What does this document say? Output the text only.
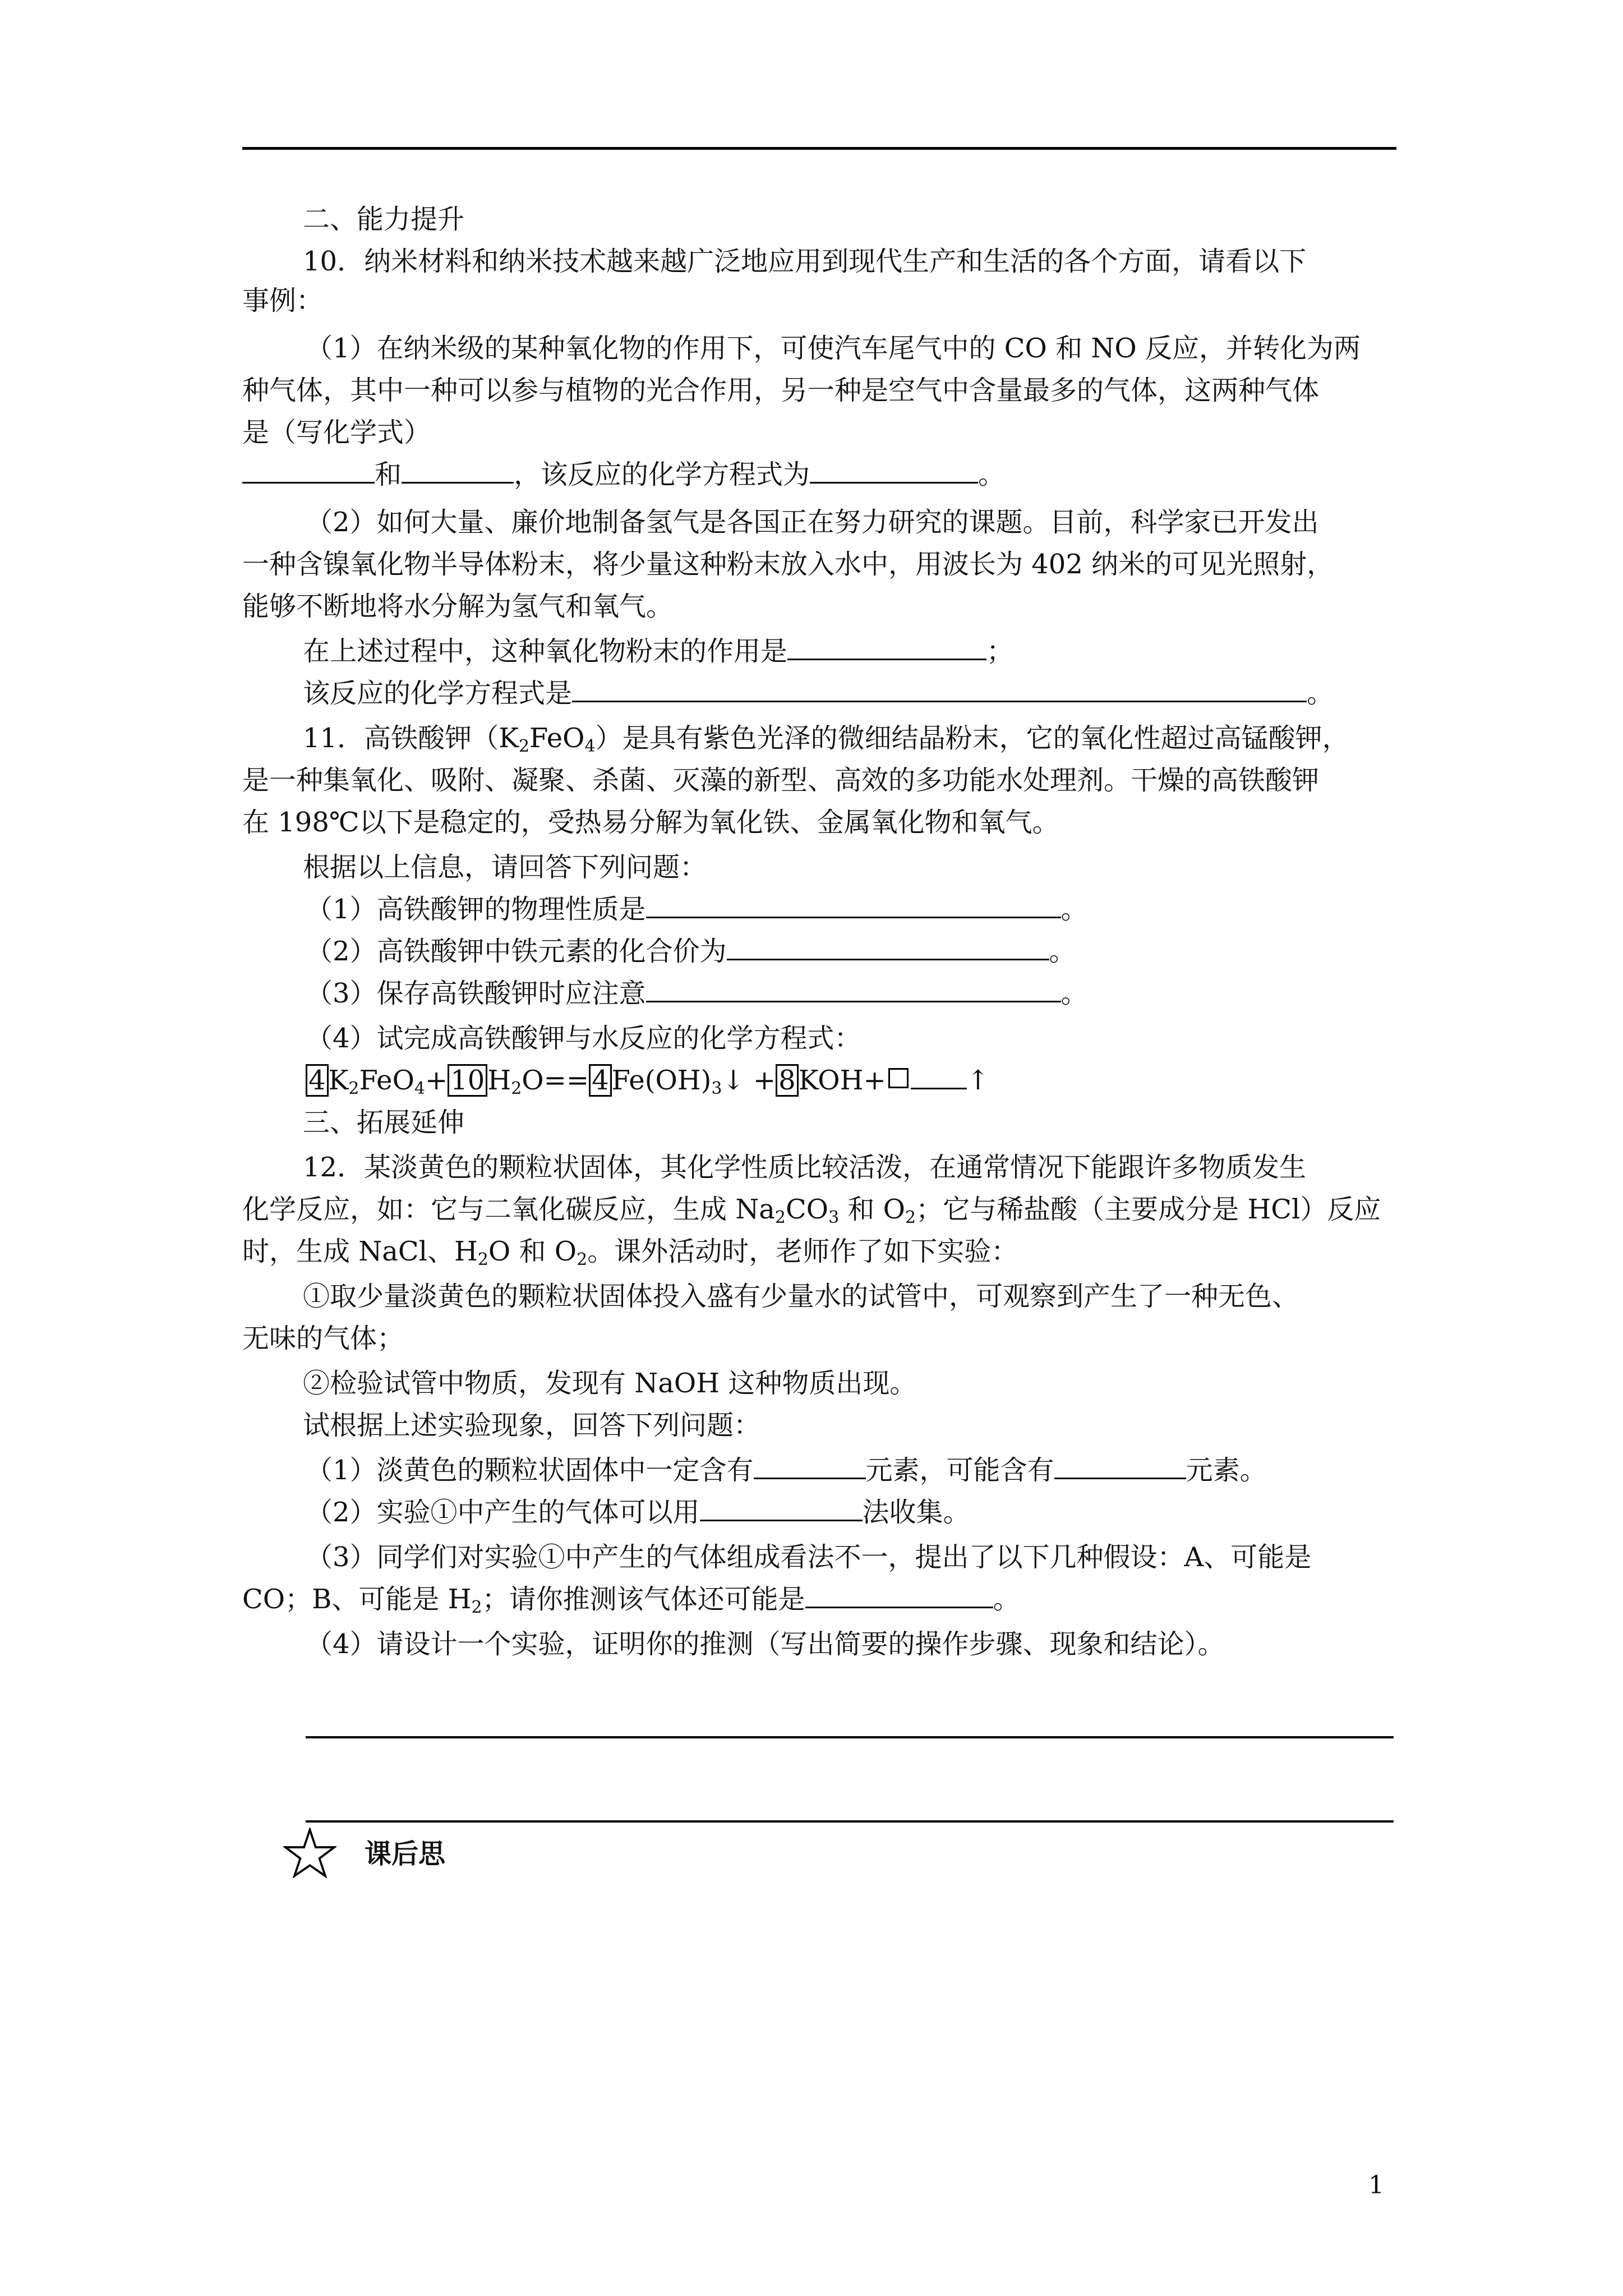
二、能力提升
10．纳米材料和纳米技术越来越广泛地应用到现代生产和生活的各个方面，请看以下
事例：
（1）在纳米级的某种氧化物的作用下，可使汽车尾气中的 CO 和 NO 反应，并转化为两
种气体，其中一种可以参与植物的光合作用，另一种是空气中含量最多的气体，这两种气体
是（写化学式）
和	，该反应的化学方程式为	。
（2）如何大量、廉价地制备氢气是各国正在努力研究的课题。目前，科学家已开发出
一种含镍氧化物半导体粉末，将少量这种粉末放入水中，用波长为 402 纳米的可见光照射，
能够不断地将水分解为氢气和氧气。
在上述过程中，这种氧化物粉末的作用是	；
该反应的化学方程式是	。
11．高铁酸钾$(K_2FeO_4)$是具有紫色光泽的微细结晶粉末，它的氧化性超过高锰酸钾，
是一种集氧化、吸附、凝聚、杀菌、灭藻的新型、高效的多功能水处理剂。干燥的高铁酸钾
在 198℃以下是稳定的，受热易分解为氧化铁、金属氧化物和氧气。
根据以上信息，请回答下列问题：
（1）高铁酸钾的物理性质是	。
（2）高铁酸钾中铁元素的化合价为	。
（3）保存高铁酸钾时应注意	。
（4）试完成高铁酸钾与水反应的化学方程式：
4 $K_2FeO_4+ 10$ $H_2O== 4$ $Fe(OH)_3↓ + 8$ KOH+	↑
三、拓展延伸
12．某淡黄色的颗粒状固体，其化学性质比较活泼，在通常情况下能跟许多物质发生
化学反应，如：它与二氧化碳反应，生成 $Na_2CO_3$ 和 $O_2$；它与稀盐酸（主要成分是 HCl）反应
时，生成 NaCl、$H_2O$ 和 $O_2$。课外活动时，老师作了如下实验：
①取少量淡黄色的颗粒状固体投入盛有少量水的试管中，可观察到产生了一种无色、
无味的气体；
②检验试管中物质，发现有 NaOH 这种物质出现。
试根据上述实验现象，回答下列问题：
（1）淡黄色的颗粒状固体中一定含有	元素，可能含有	元素。
（2）实验①中产生的气体可以用	法收集。
（3）同学们对实验①中产生的气体组成看法不一，提出了以下几种假设：A、可能是
CO；B、可能是 $H_2$；请你推测该气体还可能是	。
（4）请设计一个实验，证明你的推测（写出简要的操作步骤、现象和结论）。
课后思
1
